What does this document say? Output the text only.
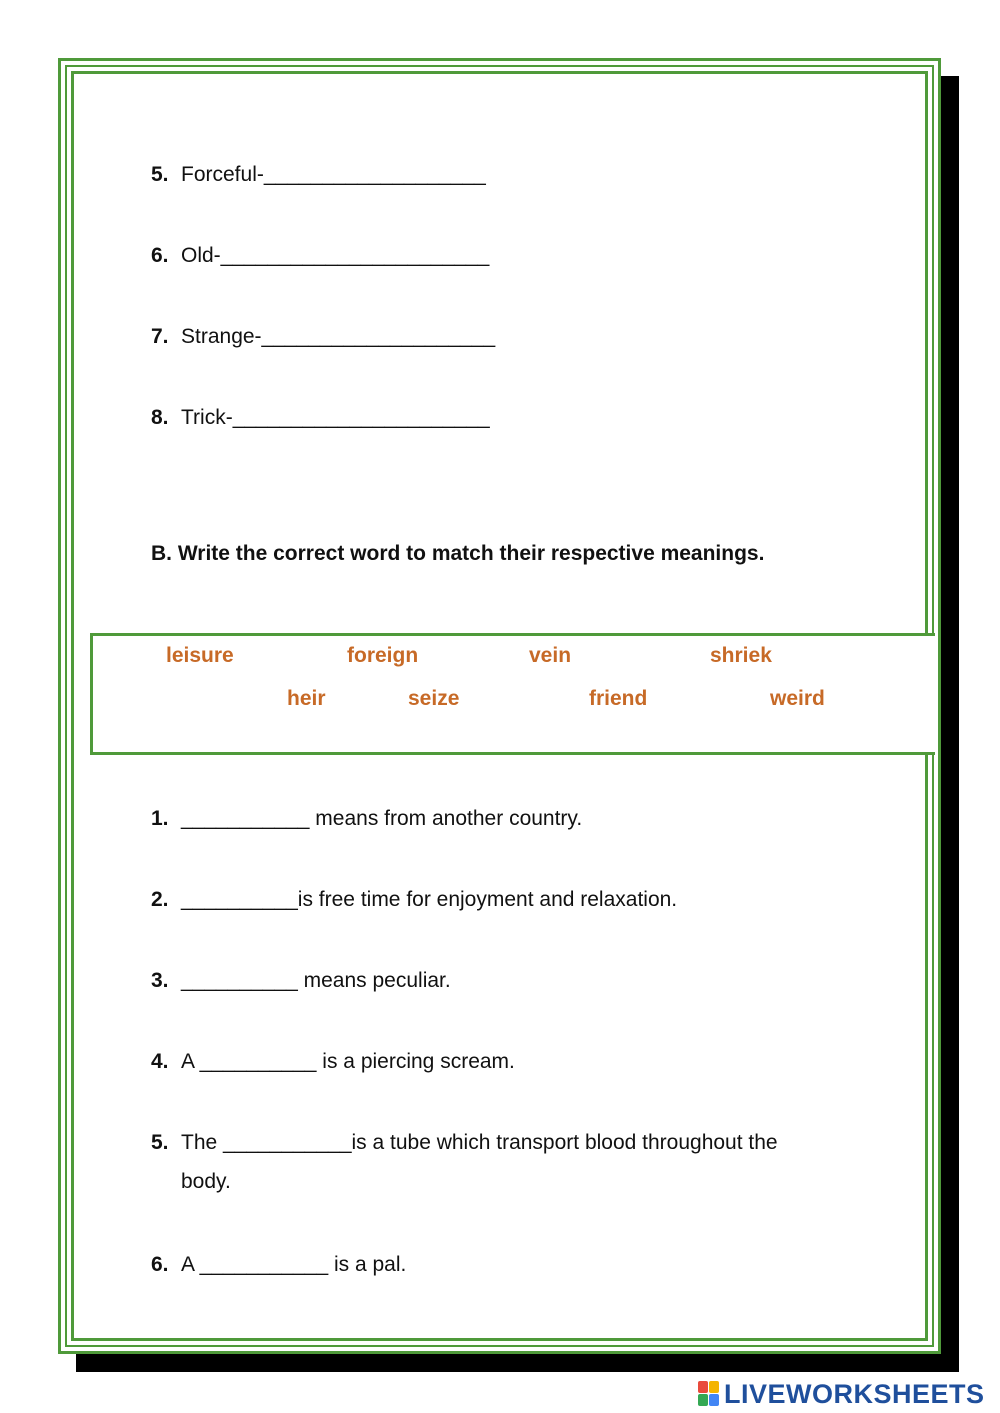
5. Forceful-___________________
6. Old-_______________________
7. Strange-____________________
8. Trick-______________________
B. Write the correct word to match their respective meanings.
leisure	foreign	vein	shriek
heir	seize	friend	weird
1. ___________ means from another country.
2. __________is free time for enjoyment and relaxation.
3. __________ means peculiar.
4. A __________ is a piercing scream.
5. The ___________is a tube which transport blood throughout the
body.
6. A ___________ is a pal.
LIVEWORKSHEETS
